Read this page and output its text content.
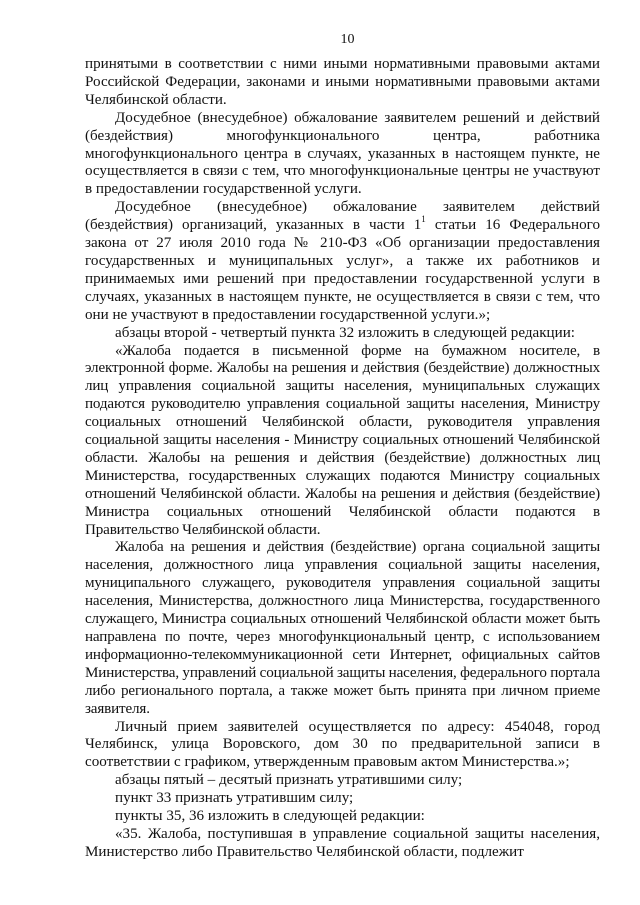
10

принятыми в соответствии с ними иными нормативными правовыми актами Российской Федерации, законами и иными нормативными правовыми актами Челябинской области.

Досудебное (внесудебное) обжалование заявителем решений и действий (бездействия) многофункционального центра, работника многофункционального центра в случаях, указанных в настоящем пункте, не осуществляется в связи с тем, что многофункциональные центры не участвуют в предоставлении государственной услуги.

Досудебное (внесудебное) обжалование заявителем действий (бездействия) организаций, указанных в части $1^1$ статьи 16 Федерального закона от 27 июля 2010 года № 210-ФЗ «Об организации предоставления государственных и муниципальных услуг», а также их работников и принимаемых ими решений при предоставлении государственной услуги в случаях, указанных в настоящем пункте, не осуществляется в связи с тем, что они не участвуют в предоставлении государственной услуги.»;

абзацы второй - четвертый пункта 32 изложить в следующей редакции:

«Жалоба подается в письменной форме на бумажном носителе, в электронной форме. Жалобы на решения и действия (бездействие) должностных лиц управления социальной защиты населения, муниципальных служащих подаются руководителю управления социальной защиты населения, Министру социальных отношений Челябинской области, руководителя управления социальной защиты населения - Министру социальных отношений Челябинской области. Жалобы на решения и действия (бездействие) должностных лиц Министерства, государственных служащих подаются Министру социальных отношений Челябинской области. Жалобы на решения и действия (бездействие) Министра социальных отношений Челябинской области подаются в Правительство Челябинской области.

Жалоба на решения и действия (бездействие) органа социальной защиты населения, должностного лица управления социальной защиты населения, муниципального служащего, руководителя управления социальной защиты населения, Министерства, должностного лица Министерства, государственного служащего, Министра социальных отношений Челябинской области может быть направлена по почте, через многофункциональный центр, с использованием информационно-телекоммуникационной сети Интернет, официальных сайтов Министерства, управлений социальной защиты населения, федерального портала либо регионального портала, а также может быть принята при личном приеме заявителя.

Личный прием заявителей осуществляется по адресу: 454048, город Челябинск, улица Воровского, дом 30 по предварительной записи в соответствии с графиком, утвержденным правовым актом Министерства.»;

абзацы пятый – десятый признать утратившими силу;

пункт 33 признать утратившим силу;

пункты 35, 36 изложить в следующей редакции:

«35. Жалоба, поступившая в управление социальной защиты населения, Министерство либо Правительство Челябинской области, подлежит
